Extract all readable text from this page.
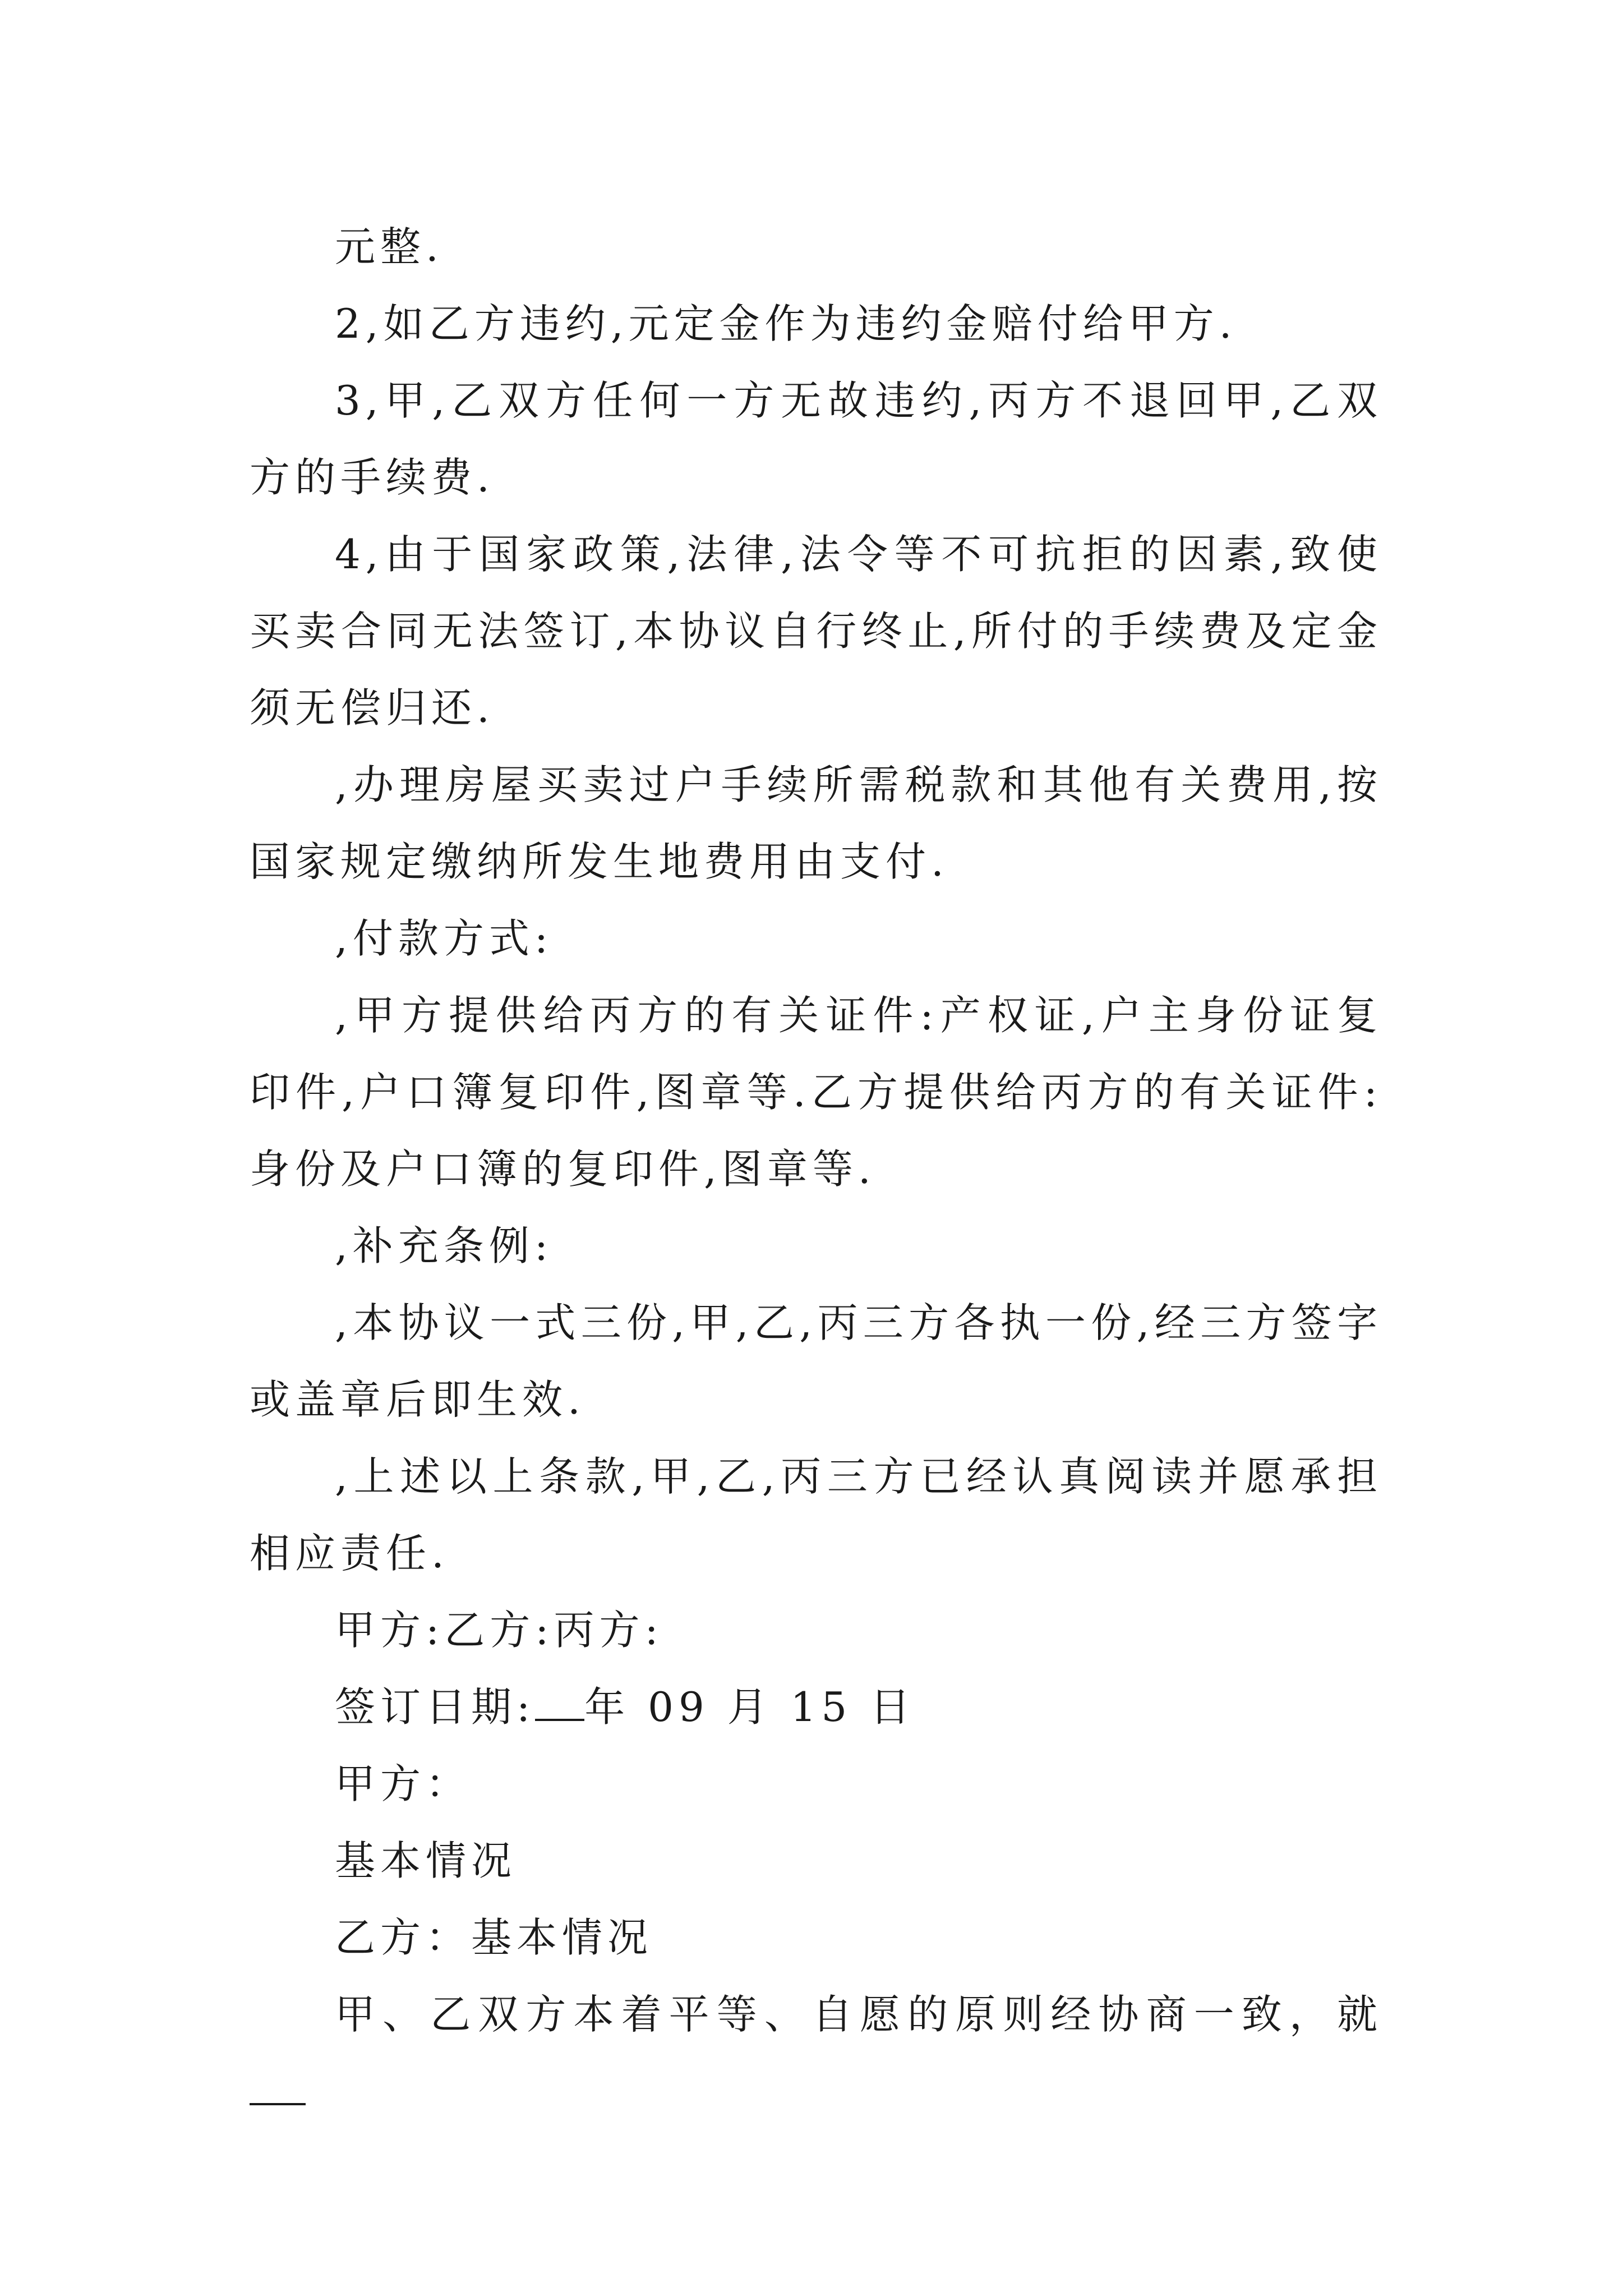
元整.

2,如乙方违约,元定金作为违约金赔付给甲方.

3,甲,乙双方任何一方无故违约,丙方不退回甲,乙双方的手续费.

4,由于国家政策,法律,法令等不可抗拒的因素,致使买卖合同无法签订,本协议自行终止,所付的手续费及定金须无偿归还.

,办理房屋买卖过户手续所需税款和其他有关费用,按国家规定缴纳所发生地费用由支付.

,付款方式:

,甲方提供给丙方的有关证件:产权证,户主身份证复印件,户口簿复印件,图章等.乙方提供给丙方的有关证件:身份及户口簿的复印件,图章等.

,补充条例:

,本协议一式三份,甲,乙,丙三方各执一份,经三方签字或盖章后即生效.

,上述以上条款,甲,乙,丙三方已经认真阅读并愿承担相应责任.

甲方:乙方:丙方:

签订日期: 年 09 月 15 日

甲方：

基本情况

乙方：基本情况

甲、乙双方本着平等、自愿的原则经协商一致，就
